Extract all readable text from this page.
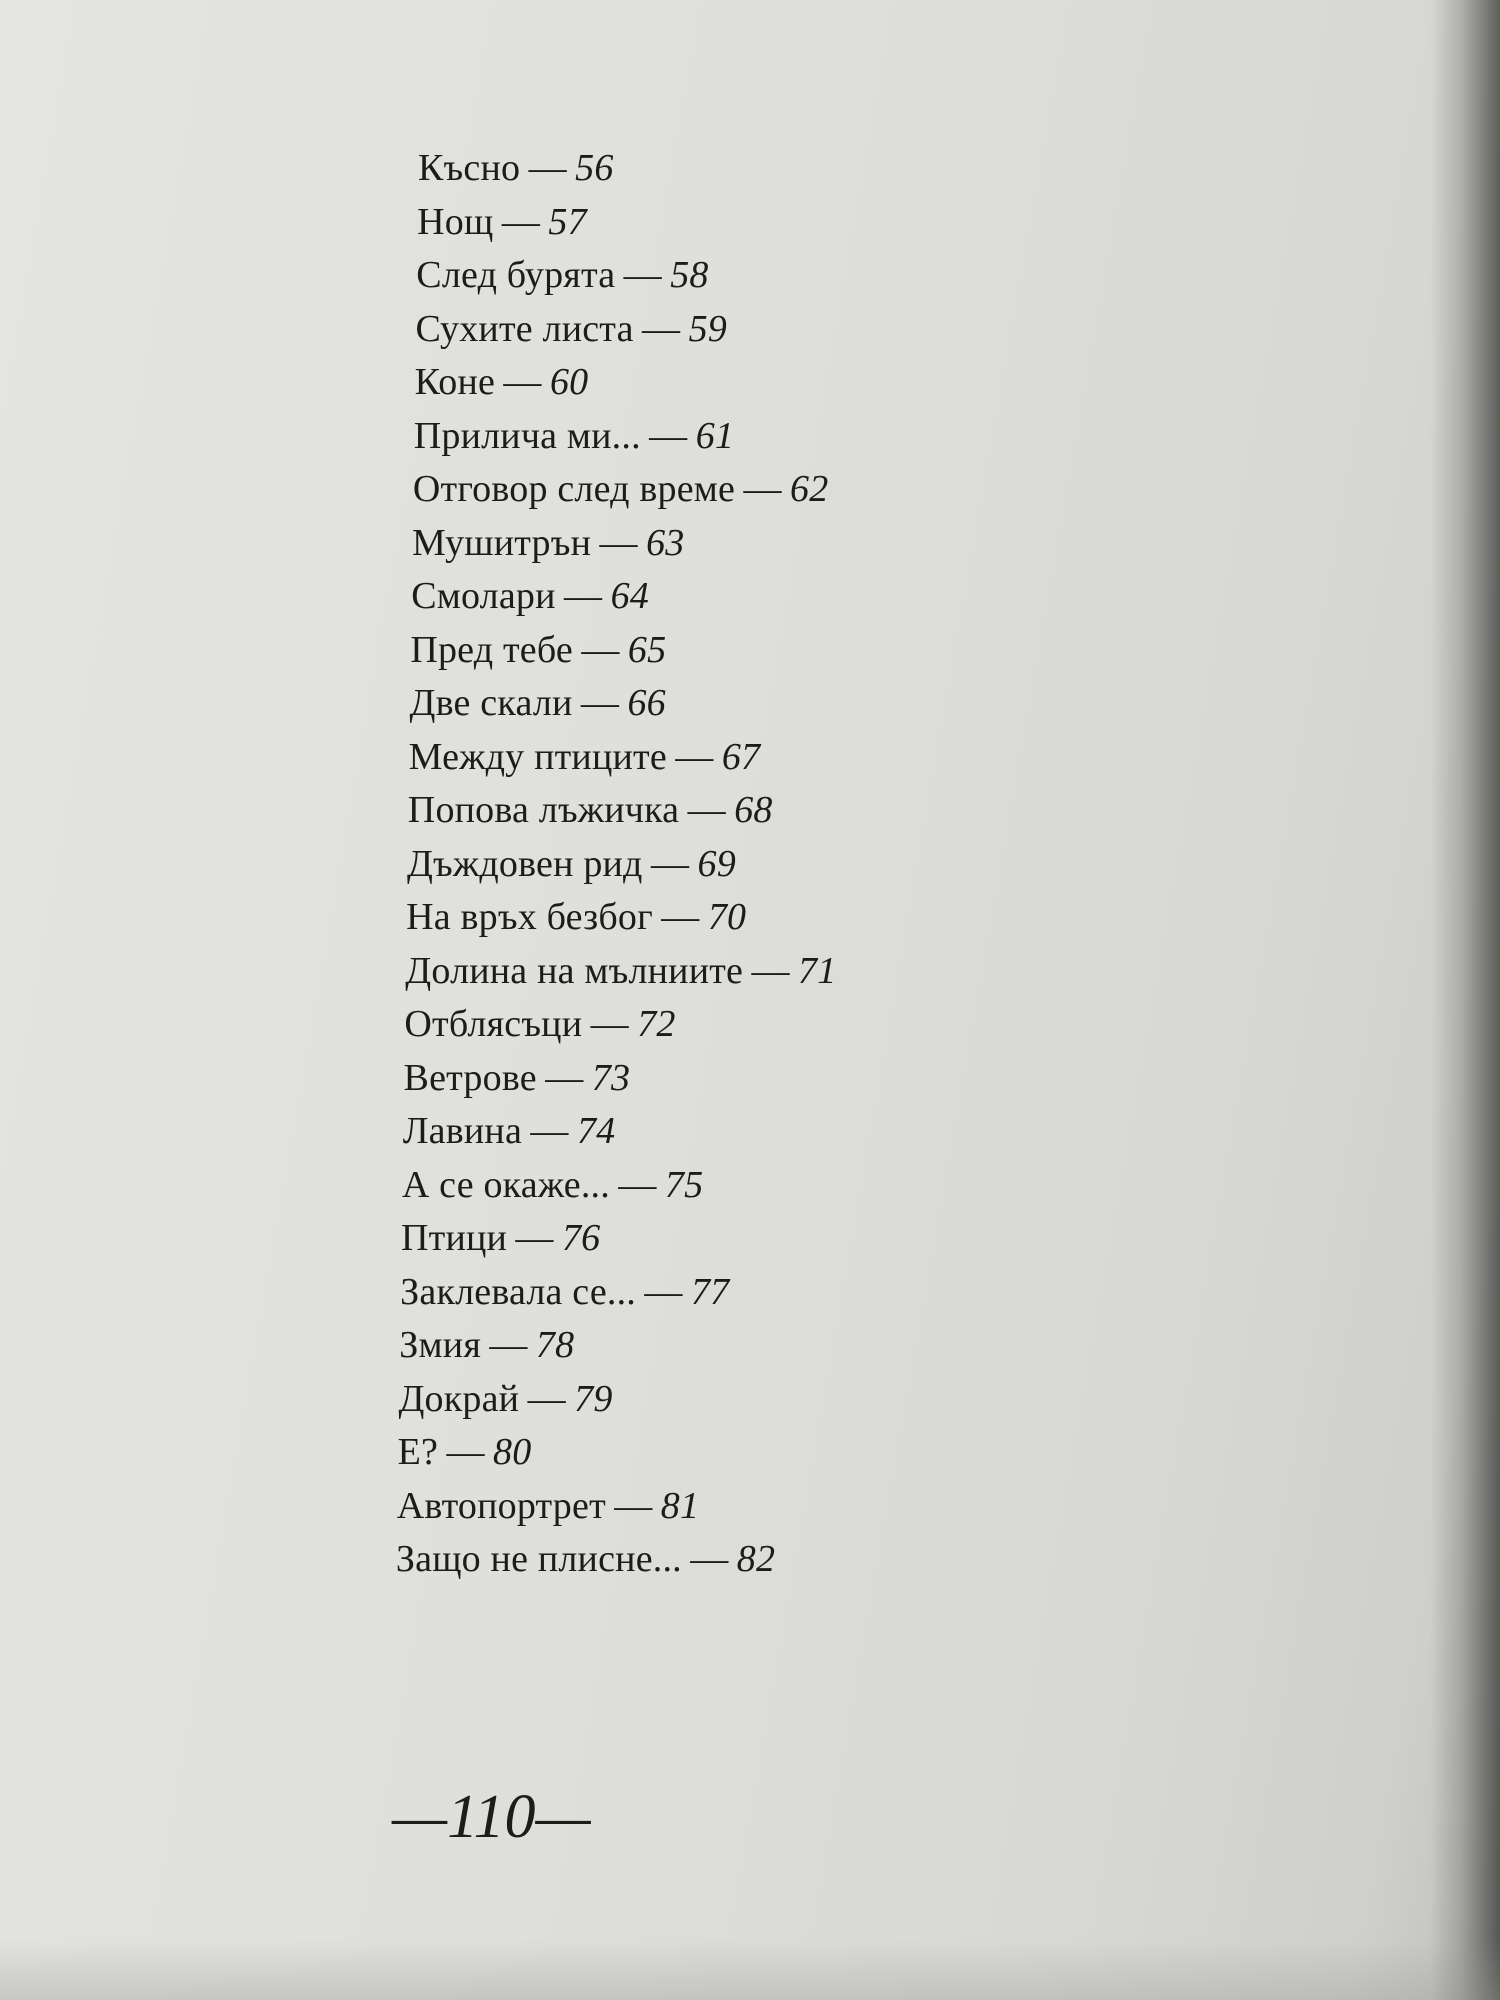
Късно — 56
Нощ — 57
След бурята — 58
Сухите листа — 59
Коне — 60
Прилича ми... — 61
Отговор след време — 62
Мушитрън — 63
Смолари — 64
Пред тебе — 65
Две скали — 66
Между птиците — 67
Попова лъжичка — 68
Дъждовен рид — 69
На връх безбог — 70
Долина на мълниите — 71
Отблясъци — 72
Ветрове — 73
Лавина — 74
А се окаже... — 75
Птици — 76
Заклевала се... — 77
Змия — 78
Докрай — 79
Е? — 80
Автопортрет — 81
Защо не плисне... — 82
—110—
